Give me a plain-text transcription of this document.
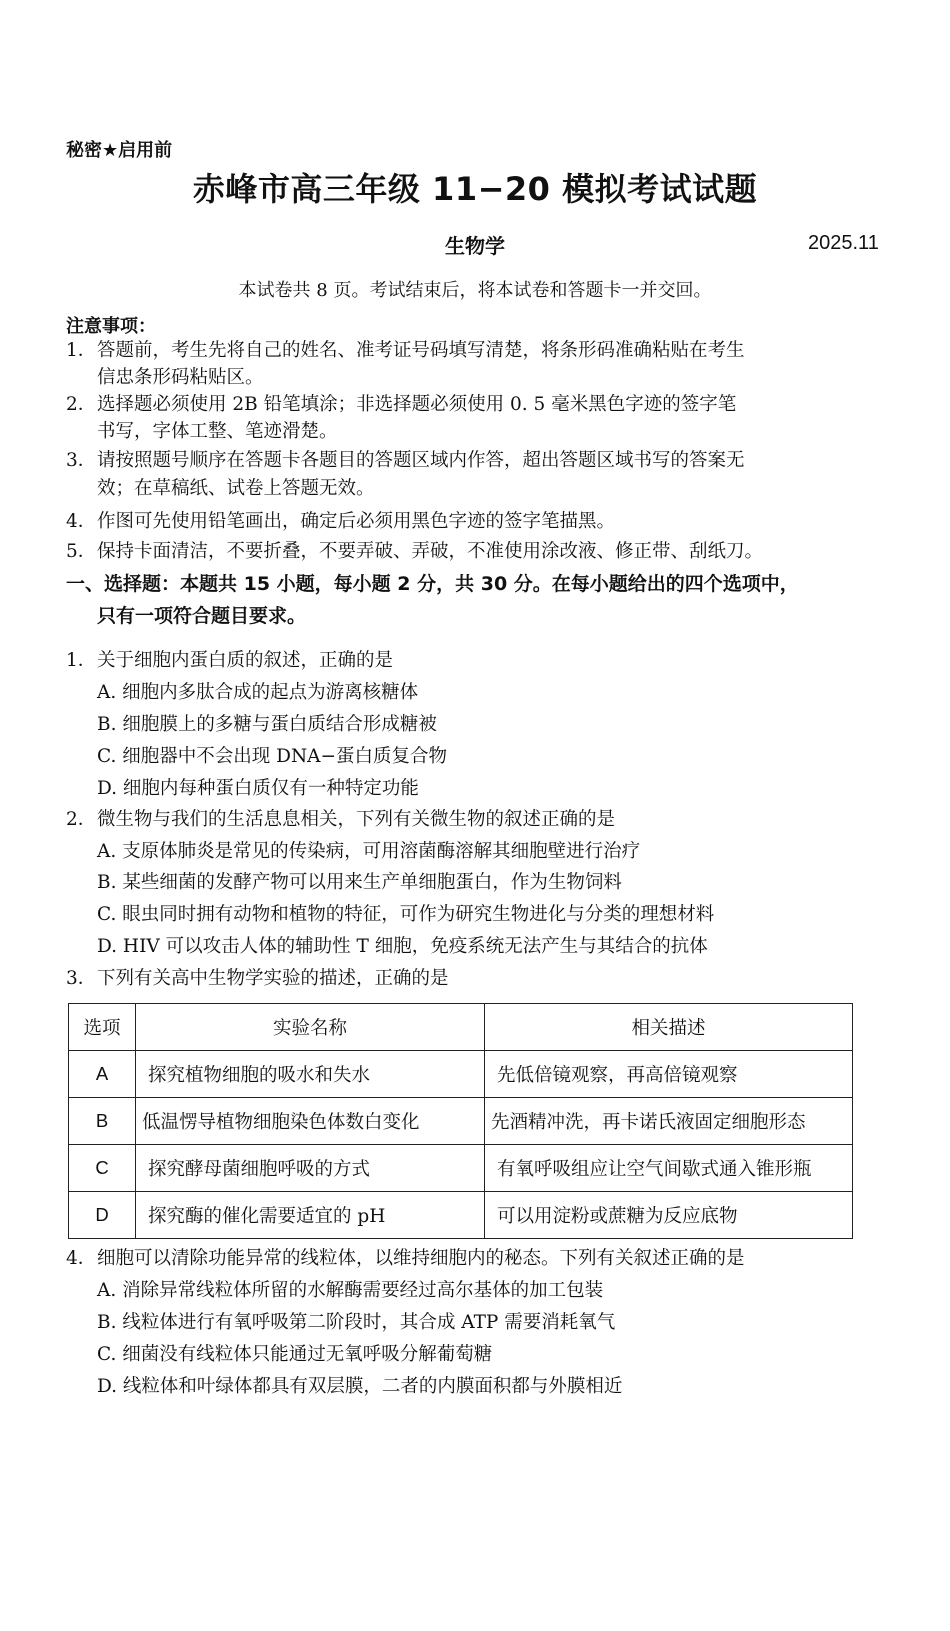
秘密★启用前
赤峰市高三年级 11−20 模拟考试试题
生物学	2025.11
本试卷共 8 页。考试结束后，将本试卷和答题卡一并交回。
注意事项：
1． 答题前，考生先将自己的姓名、准考证号码填写清楚，将条形码准确粘贴在考生
信忠条形码粘贴区。
2． 选择题必须使用 2B 铅笔填涂；非选择题必须使用 0. 5 毫米黑色字迹的签字笔
书写，字体工整、笔迹滑楚。
3． 请按照题号顺序在答题卡各题目的答题区域内作答，超出答题区域书写的答案无
效；在草稿纸、试卷上答题无效。
4． 作图可先使用铅笔画出，确定后必须用黑色字迹的签字笔描黑。
5． 保持卡面清洁，不要折叠，不要弄破、弄破，不准使用涂改液、修正带、刮纸刀。
一、选择题：本题共 15 小题，每小题 2 分，共 30 分。在每小题给出的四个选项中，
只有一项符合题目要求。
1． 关于细胞内蛋白质的叙述，正确的是
A. 细胞内多肽合成的起点为游离核糖体
B. 细胞膜上的多糖与蛋白质结合形成糖被
C. 细胞器中不会出现 DNA−蛋白质复合物
D. 细胞内每种蛋白质仅有一种特定功能
2． 微生物与我们的生活息息相关，下列有关微生物的叙述正确的是
A. 支原体肺炎是常见的传染病，可用溶菌酶溶解其细胞壁进行治疗
B. 某些细菌的发酵产物可以用来生产单细胞蛋白，作为生物饲料
C. 眼虫同时拥有动物和植物的特征，可作为研究生物进化与分类的理想材料
D. HIV 可以攻击人体的辅助性 T 细胞，免疫系统无法产生与其结合的抗体
3． 下列有关高中生物学实验的描述，正确的是
选项	实验名称	相关描述
A	探究植物细胞的吸水和失水	先低倍镜观察，再高倍镜观察
B	低温愣导植物细胞染色体数白变化	先酒精冲洗，再卡诺氏液固定细胞形态
C	探究酵母菌细胞呼吸的方式	有氧呼吸组应让空气间歇式通入锥形瓶
D	探究酶的催化需要适宜的 pH	可以用淀粉或蔗糖为反应底物
4． 细胞可以清除功能异常的线粒体，以维持细胞内的秘态。下列有关叙述正确的是
A. 消除异常线粒体所留的水解酶需要经过高尔基体的加工包装
B. 线粒体进行有氧呼吸第二阶段时，其合成 ATP 需要消耗氧气
C. 细菌没有线粒体只能通过无氧呼吸分解葡萄糖
D. 线粒体和叶绿体都具有双层膜，二者的内膜面积都与外膜相近
